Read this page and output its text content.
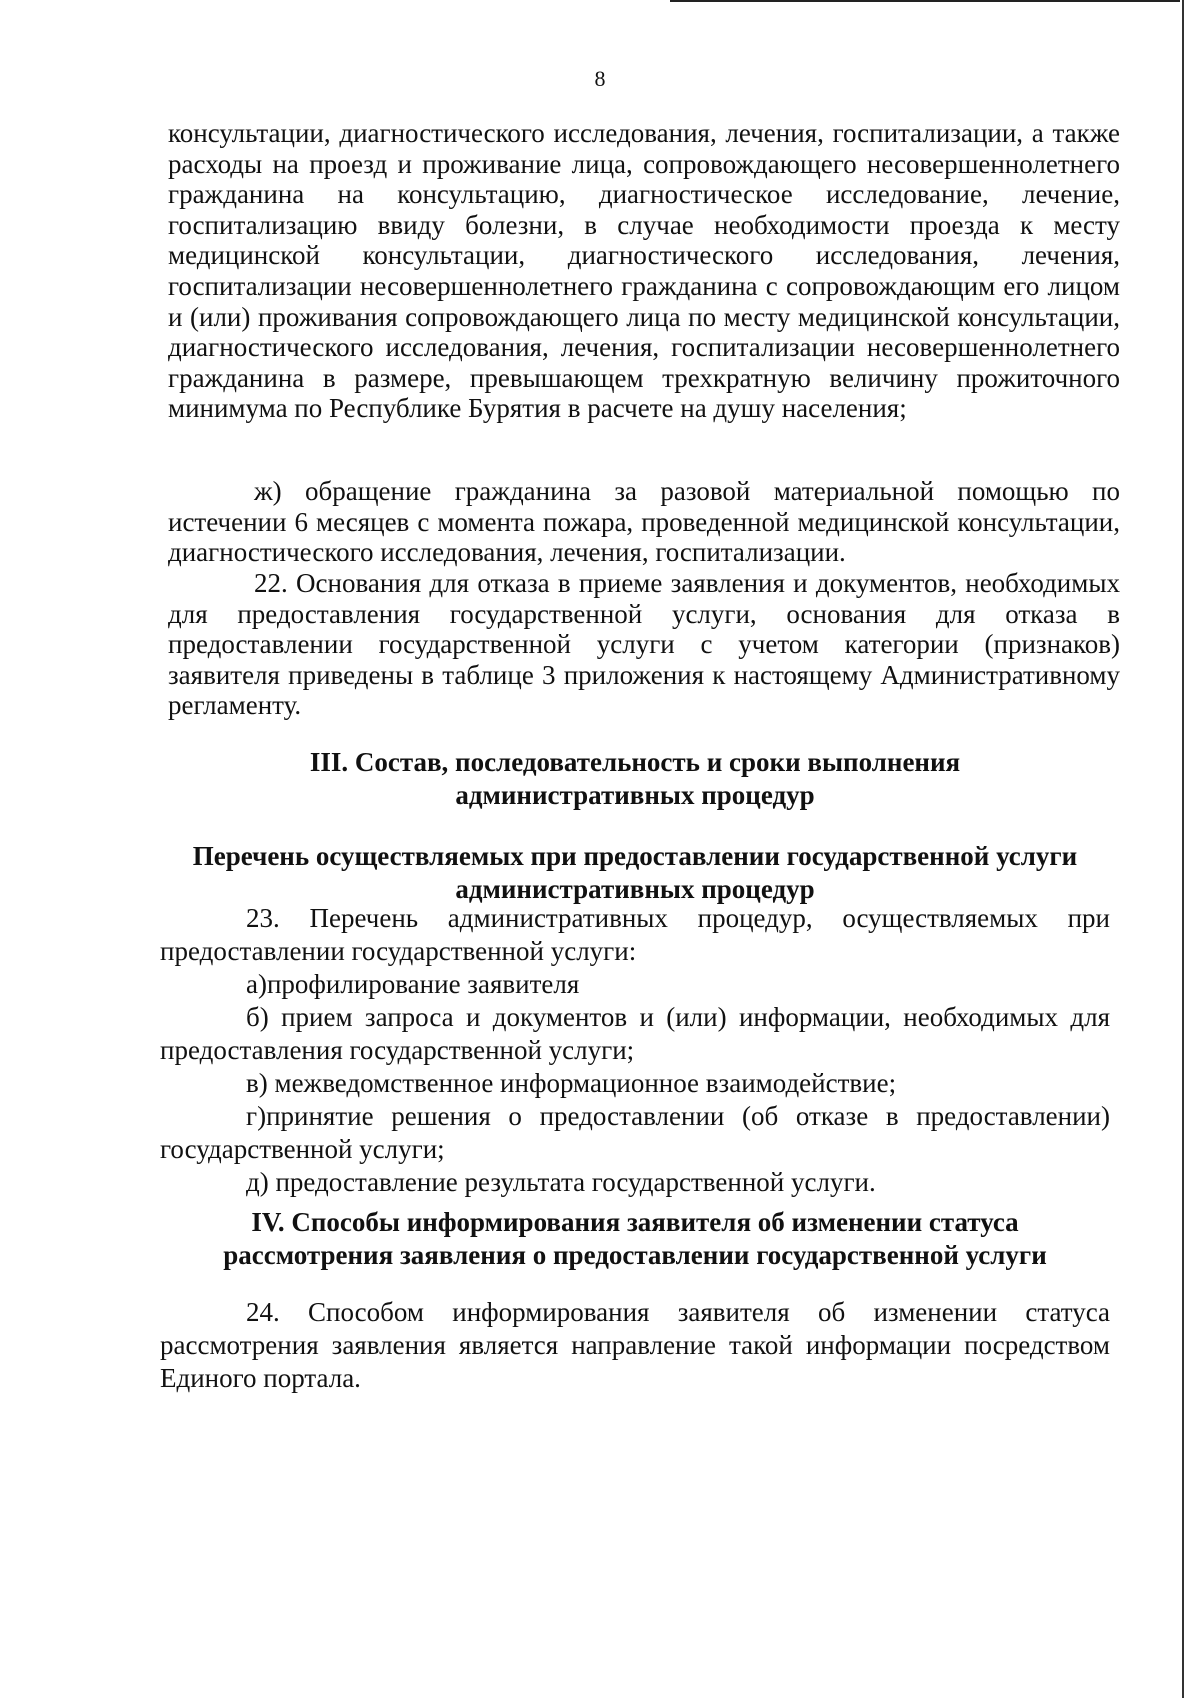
8

консультации, диагностического исследования, лечения, госпитализации, а также расходы на проезд и проживание лица, сопровождающего несовершеннолетнего гражданина на консультацию, диагностическое исследование, лечение, госпитализацию ввиду болезни, в случае необходимости проезда к месту медицинской консультации, диагностического исследования, лечения, госпитализации несовершеннолетнего гражданина с сопровождающим его лицом и (или) проживания сопровождающего лица по месту медицинской консультации, диагностического исследования, лечения, госпитализации несовершеннолетнего гражданина в размере, превышающем трехкратную величину прожиточного минимума по Республике Бурятия в расчете на душу населения;

ж) обращение гражданина за разовой материальной помощью по истечении 6 месяцев с момента пожара, проведенной медицинской консультации, диагностического исследования, лечения, госпитализации.

22. Основания для отказа в приеме заявления и документов, необходимых для предоставления государственной услуги, основания для отказа в предоставлении государственной услуги с учетом категории (признаков) заявителя приведены в таблице 3 приложения к настоящему Административному регламенту.

III. Состав, последовательность и сроки выполнения
административных процедур
Перечень осуществляемых при предоставлении государственной услуги
административных процедур

23. Перечень административных процедур, осуществляемых при предоставлении государственной услуги:

а)профилирование заявителя

б) прием запроса и документов и (или) информации, необходимых для предоставления государственной услуги;

в) межведомственное информационное взаимодействие;

г)принятие решения о предоставлении (об отказе в предоставлении) государственной услуги;

д) предоставление результата государственной услуги.

IV. Способы информирования заявителя об изменении статуса
рассмотрения заявления о предоставлении государственной услуги

24. Способом информирования заявителя об изменении статуса рассмотрения заявления является направление такой информации посредством Единого портала.
